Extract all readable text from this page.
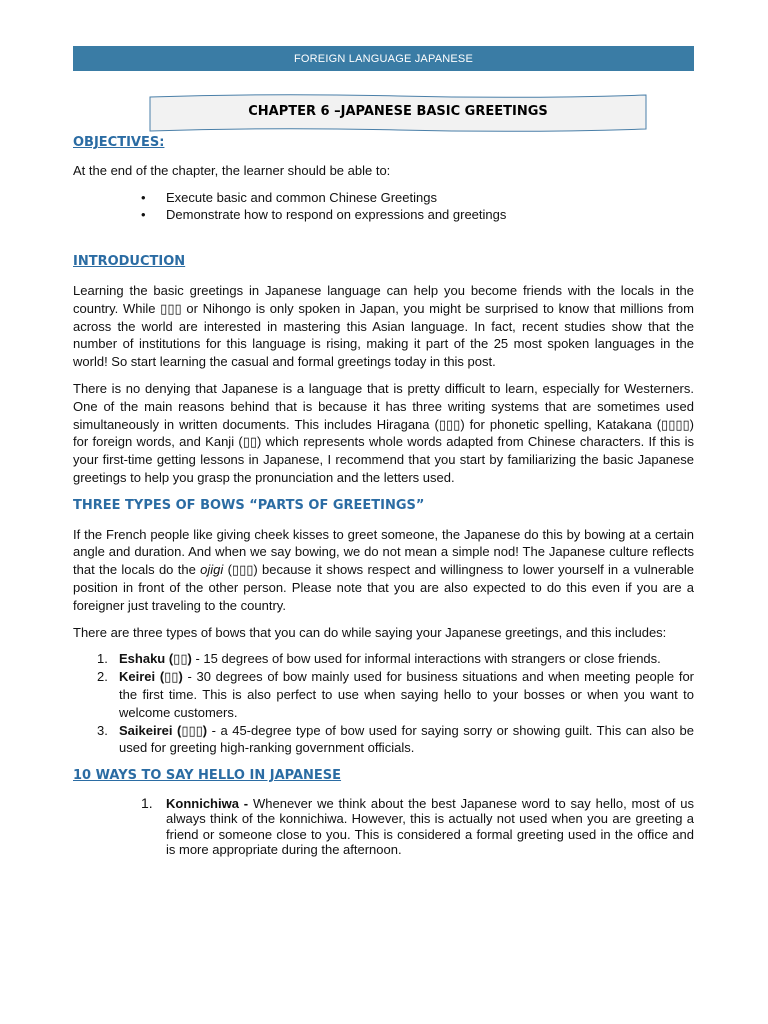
FOREIGN LANGUAGE JAPANESE
CHAPTER 6 –JAPANESE BASIC GREETINGS
OBJECTIVES:

At the end of the chapter, the learner should be able to:

• Execute basic and common Chinese Greetings
• Demonstrate how to respond on expressions and greetings
INTRODUCTION

Learning the basic greetings in Japanese language can help you become friends with the locals in the country. While ▯▯▯ or Nihongo is only spoken in Japan, you might be surprised to know that millions from across the world are interested in mastering this Asian language. In fact, recent studies show that the number of institutions for this language is rising, making it part of the 25 most spoken languages in the world! So start learning the casual and formal greetings today in this post.

There is no denying that Japanese is a language that is pretty difficult to learn, especially for Westerners. One of the main reasons behind that is because it has three writing systems that are sometimes used simultaneously in written documents. This includes Hiragana (▯▯▯) for phonetic spelling, Katakana (▯▯▯▯) for foreign words, and Kanji (▯▯) which represents whole words adapted from Chinese characters. If this is your first-time getting lessons in Japanese, I recommend that you start by familiarizing the basic Japanese greetings to help you grasp the pronunciation and the letters used.

THREE TYPES OF BOWS “PARTS OF GREETINGS”

If the French people like giving cheek kisses to greet someone, the Japanese do this by bowing at a certain angle and duration. And when we say bowing, we do not mean a simple nod! The Japanese culture reflects that the locals do the ojigi (▯▯▯) because it shows respect and willingness to lower yourself in a vulnerable position in front of the other person. Please note that you are also expected to do this even if you are a foreigner just traveling to the country.

There are three types of bows that you can do while saying your Japanese greetings, and this includes:

1. Eshaku (▯▯) - 15 degrees of bow used for informal interactions with strangers or close friends.
2. Keirei (▯▯) - 30 degrees of bow mainly used for business situations and when meeting people for the first time. This is also perfect to use when saying hello to your bosses or when you want to welcome customers.
3. Saikeirei (▯▯▯) - a 45-degree type of bow used for saying sorry or showing guilt. This can also be used for greeting high-ranking government officials.
10 WAYS TO SAY HELLO IN JAPANESE
1. Konnichiwa - Whenever we think about the best Japanese word to say hello, most of us always think of the konnichiwa. However, this is actually not used when you are greeting a friend or someone close to you. This is considered a formal greeting used in the office and is more appropriate during the afternoon.
